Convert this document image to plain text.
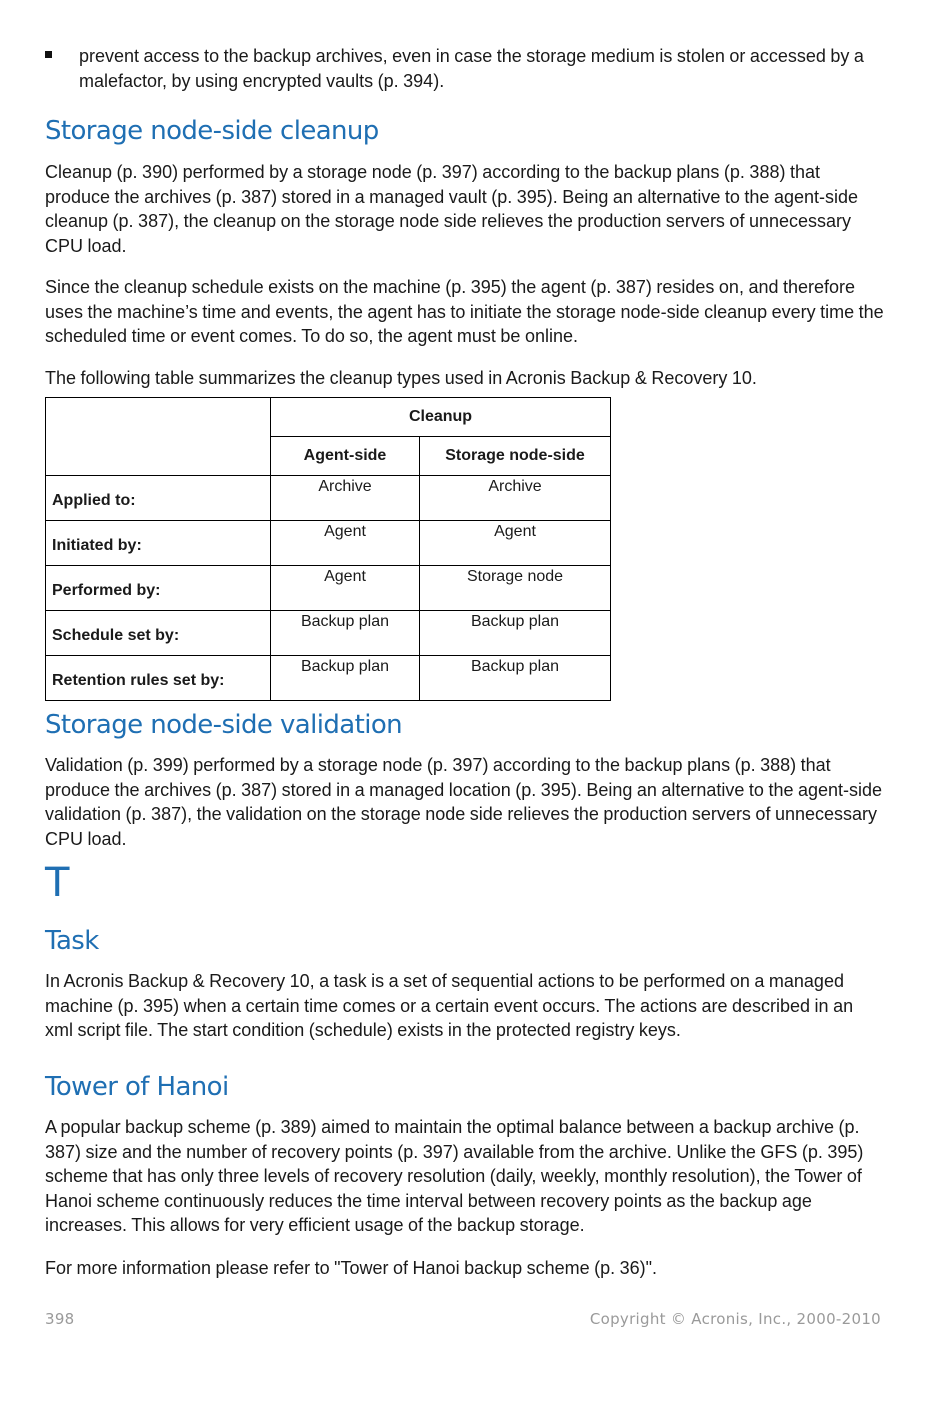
prevent access to the backup archives, even in case the storage medium is stolen or accessed by a malefactor, by using encrypted vaults (p. 394).

Storage node-side cleanup

Cleanup (p. 390) performed by a storage node (p. 397) according to the backup plans (p. 388) that produce the archives (p. 387) stored in a managed vault (p. 395). Being an alternative to the agent-side cleanup (p. 387), the cleanup on the storage node side relieves the production servers of unnecessary CPU load.

Since the cleanup schedule exists on the machine (p. 395) the agent (p. 387) resides on, and therefore uses the machine’s time and events, the agent has to initiate the storage node-side cleanup every time the scheduled time or event comes. To do so, the agent must be online.

The following table summarizes the cleanup types used in Acronis Backup & Recovery 10.

	Cleanup	
	Agent-side	Storage node-side
Applied to:	Archive	Archive
Initiated by:	Agent	Agent
Performed by:	Agent	Storage node
Schedule set by:	Backup plan	Backup plan
Retention rules set by:	Backup plan	Backup plan
Storage node-side validation

Validation (p. 399) performed by a storage node (p. 397) according to the backup plans (p. 388) that produce the archives (p. 387) stored in a managed location (p. 395). Being an alternative to the agent-side validation (p. 387), the validation on the storage node side relieves the production servers of unnecessary CPU load.

T
Task

In Acronis Backup & Recovery 10, a task is a set of sequential actions to be performed on a managed machine (p. 395) when a certain time comes or a certain event occurs. The actions are described in an xml script file. The start condition (schedule) exists in the protected registry keys.

Tower of Hanoi

A popular backup scheme (p. 389) aimed to maintain the optimal balance between a backup archive (p. 387) size and the number of recovery points (p. 397) available from the archive. Unlike the GFS (p. 395) scheme that has only three levels of recovery resolution (daily, weekly, monthly resolution), the Tower of Hanoi scheme continuously reduces the time interval between recovery points as the backup age increases. This allows for very efficient usage of the backup storage.

For more information please refer to "Tower of Hanoi backup scheme (p. 36)".

398	Copyright © Acronis, Inc., 2000-2010
